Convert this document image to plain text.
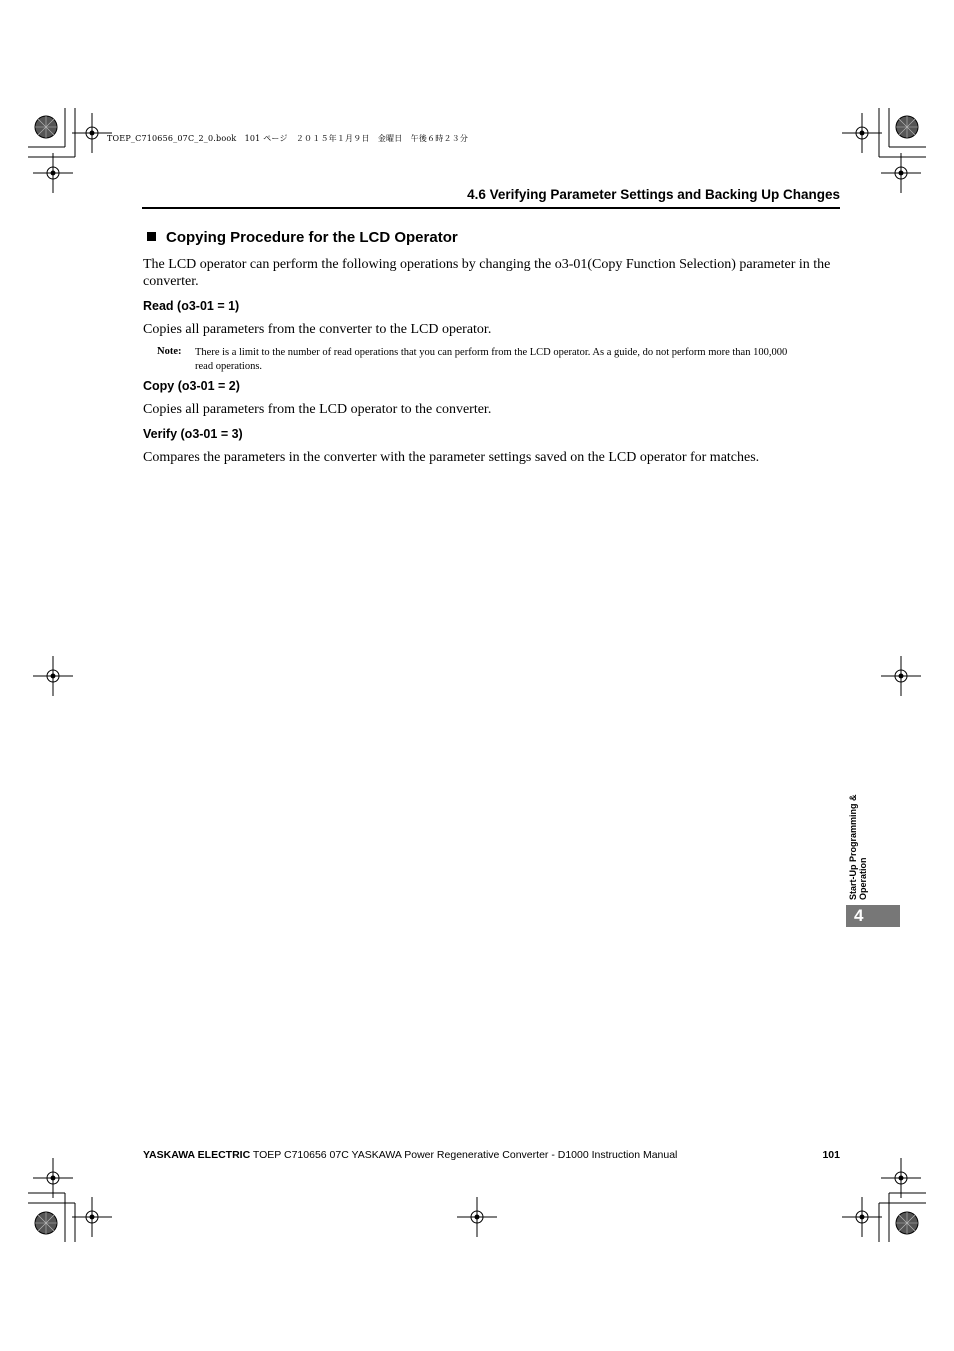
TOEP_C710656_07C_2_0.book　101 ページ　２０１５年１月９日　金曜日　午後６時２３分
4.6 Verifying Parameter Settings and Backing Up Changes
Copying Procedure for the LCD Operator
The LCD operator can perform the following operations by changing the o3-01(Copy Function Selection) parameter in the converter.
Read (o3-01 = 1)
Copies all parameters from the converter to the LCD operator.
Note: There is a limit to the number of read operations that you can perform from the LCD operator. As a guide, do not perform more than 100,000 read operations.
Copy (o3-01 = 2)
Copies all parameters from the LCD operator to the converter.
Verify (o3-01 = 3)
Compares the parameters in the converter with the parameter settings saved on the LCD operator for matches.
Start-Up Programming & Operation
4
YASKAWA ELECTRIC TOEP C710656 07C YASKAWA Power Regenerative Converter - D1000 Instruction Manual	101
